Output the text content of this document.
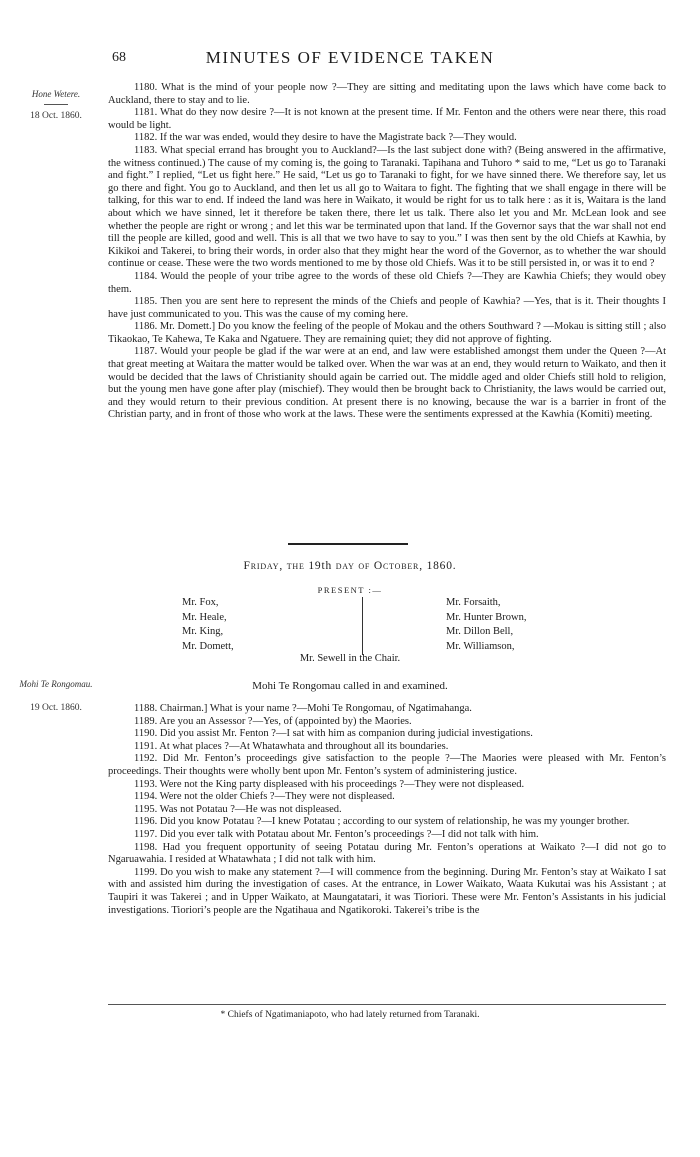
68	MINUTES OF EVIDENCE TAKEN
Hone Wetere.
18 Oct. 1860.
Mohi Te Rongomau.
19 Oct. 1860.

1180. What is the mind of your people now ?—They are sitting and meditating upon the laws which have come back to Auckland, there to stay and to lie.

1181. What do they now desire ?—It is not known at the present time. If Mr. Fenton and the others were near there, this road would be light.

1182. If the war was ended, would they desire to have the Magistrate back ?—They would.

1183. What special errand has brought you to Auckland?—Is the last subject done with? (Being answered in the affirmative, the witness continued.) The cause of my coming is, the going to Taranaki. Tapihana and Tuhoro * said to me, “Let us go to Taranaki and fight.” I replied, “Let us fight here.” He said, “Let us go to Taranaki to fight, for we have sinned there. We therefore say, let us go there and fight. You go to Auckland, and then let us all go to Waitara to fight. The fighting that we shall engage in there will be talking, for this war to end. If indeed the land was here in Waikato, it would be right for us to talk here : as it is, Waitara is the land about which we have sinned, let it therefore be taken there, there let us talk. There also let you and Mr. McLean look and see whether the people are right or wrong ; and let this war be terminated upon that land. If the Governor says that the war shall not end till the people are killed, good and well. This is all that we two have to say to you.” I was then sent by the old Chiefs at Kawhia, by Kikikoi and Takerei, to bring their words, in order also that they might hear the word of the Governor, as to whether the war should continue or cease. These were the two words mentioned to me by those old Chiefs. Was it to be still persisted in, or was it to end ?

1184. Would the people of your tribe agree to the words of these old Chiefs ?—They are Kawhia Chiefs; they would obey them.

1185. Then you are sent here to represent the minds of the Chiefs and people of Kawhia? —Yes, that is it. Their thoughts I have just communicated to you. This was the cause of my coming here.

1186. Mr. Domett.] Do you know the feeling of the people of Mokau and the others Southward ? —Mokau is sitting still ; also Tikaokao, Te Kahewa, Te Kaka and Ngatuere. They are remaining quiet; they did not approve of fighting.

1187. Would your people be glad if the war were at an end, and law were established amongst them under the Queen ?—At that great meeting at Waitara the matter would be talked over. When the war was at an end, they would return to Waikato, and then it would be decided that the laws of Christianity should again be carried out. The middle aged and older Chiefs still hold to religion, but the young men have gone after play (mischief). They would then be brought back to Christianity, the laws would be carried out, and they would return to their previous condition. At present there is no knowing, because the war is a barrier in front of the Christian party, and in front of those who work at the laws. These were the sentiments expressed at the Kawhia (Komiti) meeting.

Friday, the 19th day of October, 1860.
PRESENT :—
Mr. Fox,
Mr. Heale,
Mr. King,
Mr. Domett,
Mr. Forsaith,
Mr. Hunter Brown,
Mr. Dillon Bell,
Mr. Williamson,
Mr. Sewell in the Chair.
Mohi Te Rongomau called in and examined.

1188. Chairman.] What is your name ?—Mohi Te Rongomau, of Ngatimahanga.

1189. Are you an Assessor ?—Yes, of (appointed by) the Maories.

1190. Did you assist Mr. Fenton ?—I sat with him as companion during judicial investigations.

1191. At what places ?—At Whatawhata and throughout all its boundaries.

1192. Did Mr. Fenton’s proceedings give satisfaction to the people ?—The Maories were pleased with Mr. Fenton’s proceedings. Their thoughts were wholly bent upon Mr. Fenton’s system of administering justice.

1193. Were not the King party displeased with his proceedings ?—They were not displeased.

1194. Were not the older Chiefs ?—They were not displeased.

1195. Was not Potatau ?—He was not displeased.

1196. Did you know Potatau ?—I knew Potatau ; according to our system of relationship, he was my younger brother.

1197. Did you ever talk with Potatau about Mr. Fenton’s proceedings ?—I did not talk with him.

1198. Had you frequent opportunity of seeing Potatau during Mr. Fenton’s operations at Waikato ?—I did not go to Ngaruawahia. I resided at Whatawhata ; I did not talk with him.

1199. Do you wish to make any statement ?—I will commence from the beginning. During Mr. Fenton’s stay at Waikato I sat with and assisted him during the investigation of cases. At the entrance, in Lower Waikato, Waata Kukutai was his Assistant ; at Taupiri it was Takerei ; and in Upper Waikato, at Maungatatari, it was Tioriori. These were Mr. Fenton’s Assistants in his judicial investigations. Tioriori’s people are the Ngatihaua and Ngatikoroki. Takerei’s tribe is the

* Chiefs of Ngatimaniapoto, who had lately returned from Taranaki.
